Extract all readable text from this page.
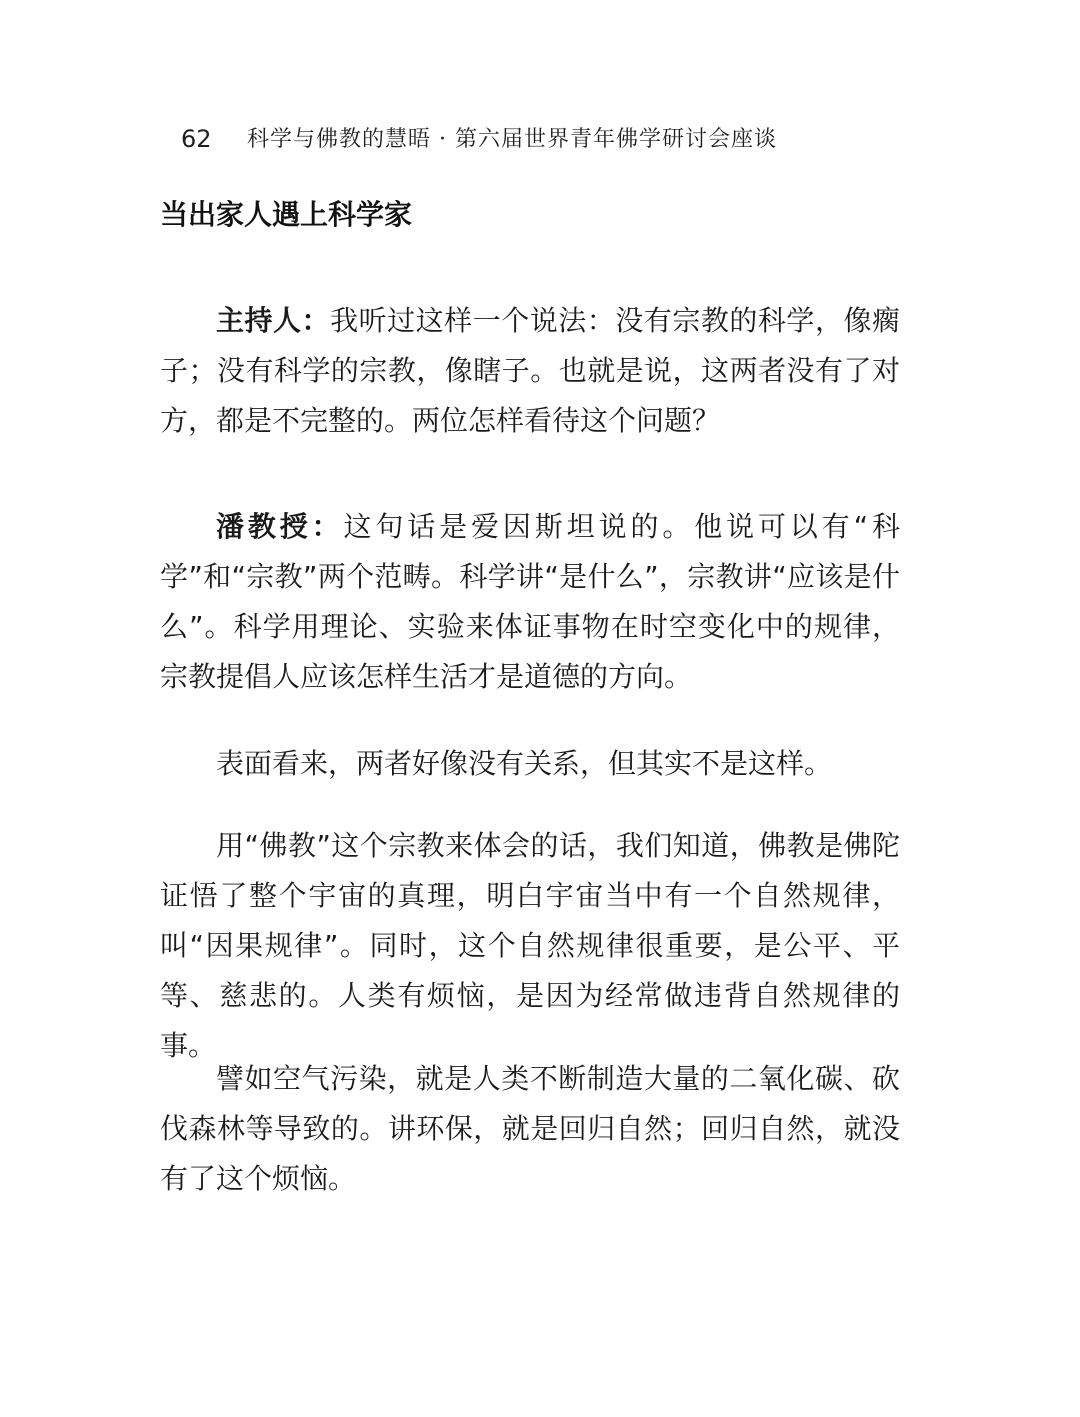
62 科学与佛教的慧晤 · 第六届世界青年佛学研讨会座谈
当出家人遇上科学家

主持人：我听过这样一个说法：没有宗教的科学，像瘸子；没有科学的宗教，像瞎子。也就是说，这两者没有了对方，都是不完整的。两位怎样看待这个问题？

潘教授：这句话是爱因斯坦说的。他说可以有“科学”和“宗教”两个范畴。科学讲“是什么”，宗教讲“应该是什么”。科学用理论、实验来体证事物在时空变化中的规律，宗教提倡人应该怎样生活才是道德的方向。

表面看来，两者好像没有关系，但其实不是这样。

用“佛教”这个宗教来体会的话，我们知道，佛教是佛陀证悟了整个宇宙的真理，明白宇宙当中有一个自然规律，叫“因果规律”。同时，这个自然规律很重要，是公平、平等、慈悲的。人类有烦恼，是因为经常做违背自然规律的事。

譬如空气污染，就是人类不断制造大量的二氧化碳、砍伐森林等导致的。讲环保，就是回归自然；回归自然，就没有了这个烦恼。
